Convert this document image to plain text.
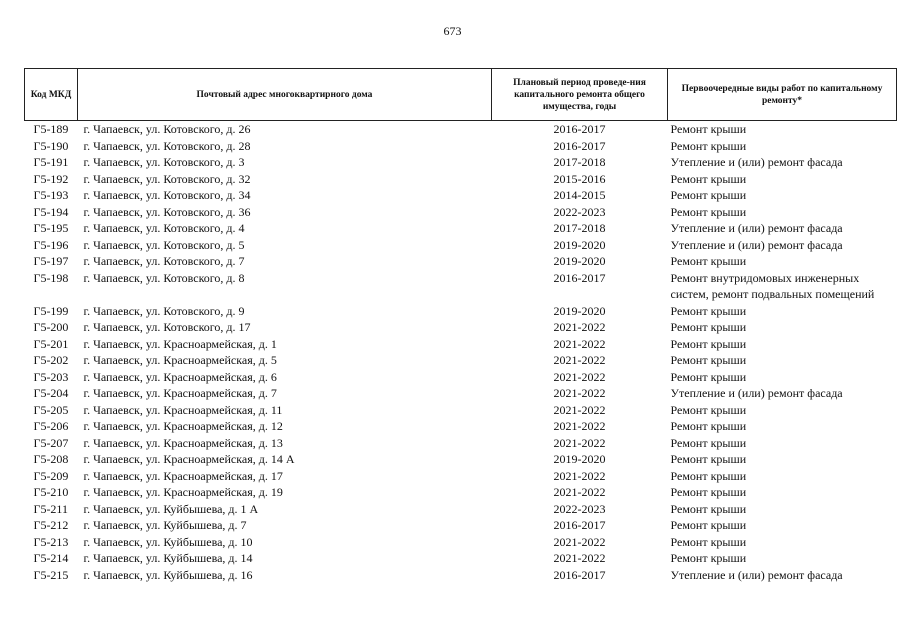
673
Код МКД	Почтовый адрес многоквартирного дома	Плановый период проведе-ния капитального ремонта общего имущества, годы	Первоочередные виды работ по капитальному ремонту*
Г5-189	г. Чапаевск, ул. Котовского, д. 26	2016-2017	Ремонт крыши
Г5-190	г. Чапаевск, ул. Котовского, д. 28	2016-2017	Ремонт крыши
Г5-191	г. Чапаевск, ул. Котовского, д. 3	2017-2018	Утепление и (или) ремонт фасада
Г5-192	г. Чапаевск, ул. Котовского, д. 32	2015-2016	Ремонт крыши
Г5-193	г. Чапаевск, ул. Котовского, д. 34	2014-2015	Ремонт крыши
Г5-194	г. Чапаевск, ул. Котовского, д. 36	2022-2023	Ремонт крыши
Г5-195	г. Чапаевск, ул. Котовского, д. 4	2017-2018	Утепление и (или) ремонт фасада
Г5-196	г. Чапаевск, ул. Котовского, д. 5	2019-2020	Утепление и (или) ремонт фасада
Г5-197	г. Чапаевск, ул. Котовского, д. 7	2019-2020	Ремонт крыши
Г5-198	г. Чапаевск, ул. Котовского, д. 8	2016-2017	Ремонт внутридомовых инженерных систем, ремонт подвальных помещений
Г5-199	г. Чапаевск, ул. Котовского, д. 9	2019-2020	Ремонт крыши
Г5-200	г. Чапаевск, ул. Котовского, д. 17	2021-2022	Ремонт крыши
Г5-201	г. Чапаевск, ул. Красноармейская, д. 1	2021-2022	Ремонт крыши
Г5-202	г. Чапаевск, ул. Красноармейская, д. 5	2021-2022	Ремонт крыши
Г5-203	г. Чапаевск, ул. Красноармейская, д. 6	2021-2022	Ремонт крыши
Г5-204	г. Чапаевск, ул. Красноармейская, д. 7	2021-2022	Утепление и (или) ремонт фасада
Г5-205	г. Чапаевск, ул. Красноармейская, д. 11	2021-2022	Ремонт крыши
Г5-206	г. Чапаевск, ул. Красноармейская, д. 12	2021-2022	Ремонт крыши
Г5-207	г. Чапаевск, ул. Красноармейская, д. 13	2021-2022	Ремонт крыши
Г5-208	г. Чапаевск, ул. Красноармейская, д. 14 А	2019-2020	Ремонт крыши
Г5-209	г. Чапаевск, ул. Красноармейская, д. 17	2021-2022	Ремонт крыши
Г5-210	г. Чапаевск, ул. Красноармейская, д. 19	2021-2022	Ремонт крыши
Г5-211	г. Чапаевск, ул. Куйбышева, д. 1 А	2022-2023	Ремонт крыши
Г5-212	г. Чапаевск, ул. Куйбышева, д. 7	2016-2017	Ремонт крыши
Г5-213	г. Чапаевск, ул. Куйбышева, д. 10	2021-2022	Ремонт крыши
Г5-214	г. Чапаевск, ул. Куйбышева, д. 14	2021-2022	Ремонт крыши
Г5-215	г. Чапаевск, ул. Куйбышева, д. 16	2016-2017	Утепление и (или) ремонт фасада
